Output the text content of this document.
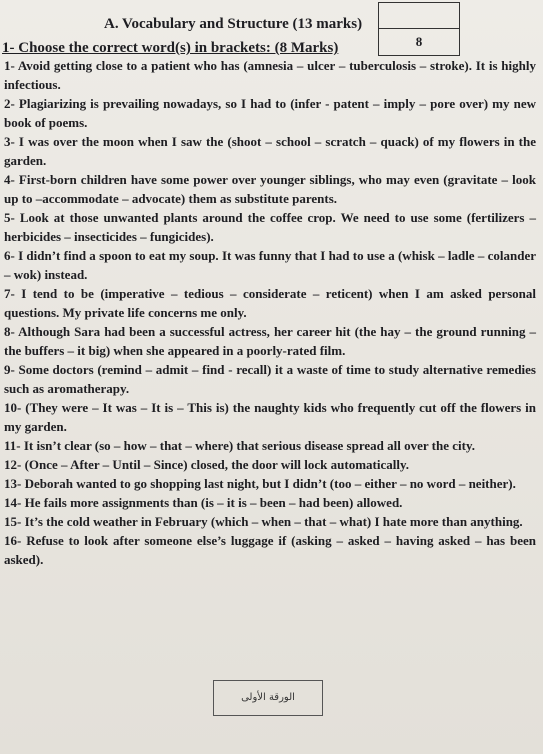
A. Vocabulary and Structure (13 marks)
8
1- Choose the correct word(s) in brackets: (8 Marks)
1- Avoid getting close to a patient who has (amnesia – ulcer – tuberculosis – stroke). It is highly infectious.
2- Plagiarizing is prevailing nowadays, so I had to (infer - patent – imply – pore over) my new book of poems.
3- I was over the moon when I saw the (shoot – school – scratch – quack) of my flowers in the garden.
4- First-born children have some power over younger siblings, who may even (gravitate – look up to –accommodate – advocate) them as substitute parents.
5- Look at those unwanted plants around the coffee crop. We need to use some (fertilizers – herbicides – insecticides – fungicides).
6- I didn’t find a spoon to eat my soup. It was funny that I had to use a (whisk – ladle – colander – wok) instead.
7- I tend to be (imperative – tedious – considerate – reticent) when I am asked personal questions. My private life concerns me only.
8- Although Sara had been a successful actress, her career hit (the hay – the ground running – the buffers – it big) when she appeared in a poorly-rated film.
9- Some doctors (remind – admit – find - recall) it a waste of time to study alternative remedies such as aromatherapy.
10- (They were – It was – It is – This is) the naughty kids who frequently cut off the flowers in my garden.
11- It isn’t clear (so – how – that – where) that serious disease spread all over the city.
12- (Once – After – Until – Since) closed, the door will lock automatically.
13- Deborah wanted to go shopping last night, but I didn’t (too – either – no word – neither).
14- He fails more assignments than (is – it is – been – had been) allowed.
15- It’s the cold weather in February (which – when – that – what) I hate more than anything.
16- Refuse to look after someone else’s luggage if (asking – asked – having asked – has been asked).
الورقة الأولى
